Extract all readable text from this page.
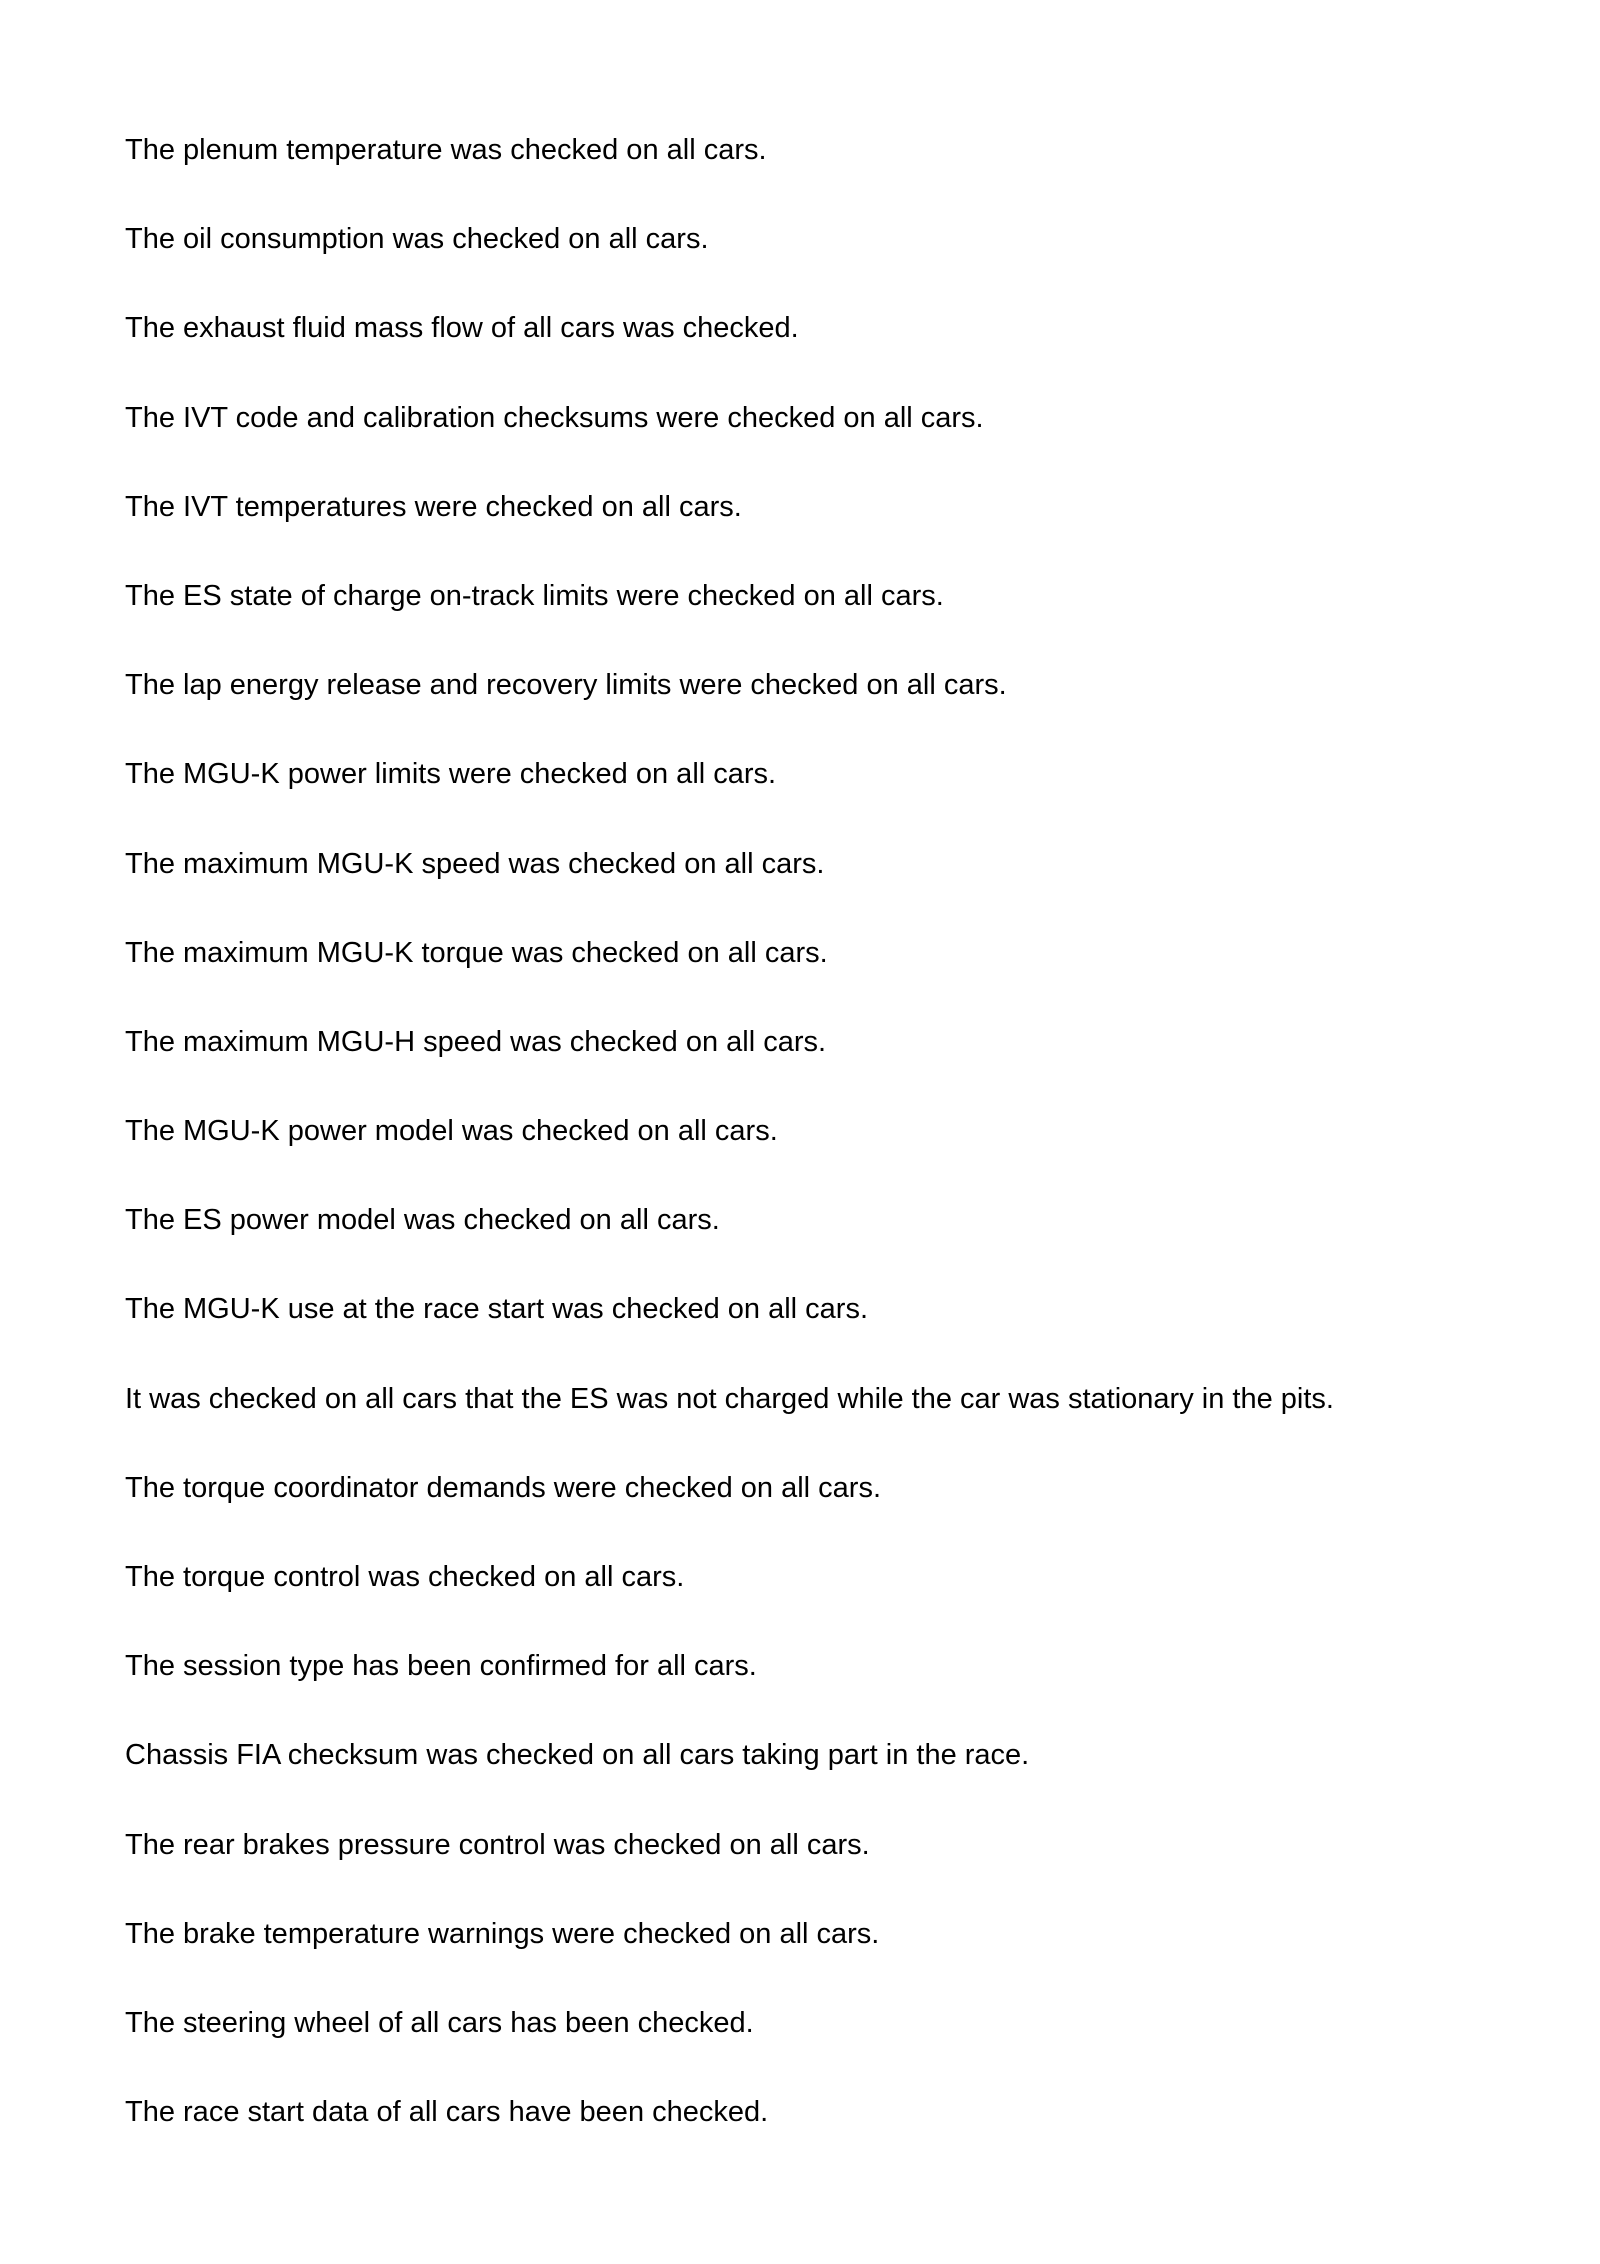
The plenum temperature was checked on all cars.

The oil consumption was checked on all cars.

The exhaust fluid mass flow of all cars was checked.

The IVT code and calibration checksums were checked on all cars.

The IVT temperatures were checked on all cars.

The ES state of charge on-track limits were checked on all cars.

The lap energy release and recovery limits were checked on all cars.

The MGU-K power limits were checked on all cars.

The maximum MGU-K speed was checked on all cars.

The maximum MGU-K torque was checked on all cars.

The maximum MGU-H speed was checked on all cars.

The MGU-K power model was checked on all cars.

The ES power model was checked on all cars.

The MGU-K use at the race start was checked on all cars.

It was checked on all cars that the ES was not charged while the car was stationary in the pits.

The torque coordinator demands were checked on all cars.

The torque control was checked on all cars.

The session type has been confirmed for all cars.

Chassis FIA checksum was checked on all cars taking part in the race.

The rear brakes pressure control was checked on all cars.

The brake temperature warnings were checked on all cars.

The steering wheel of all cars has been checked.

The race start data of all cars have been checked.
